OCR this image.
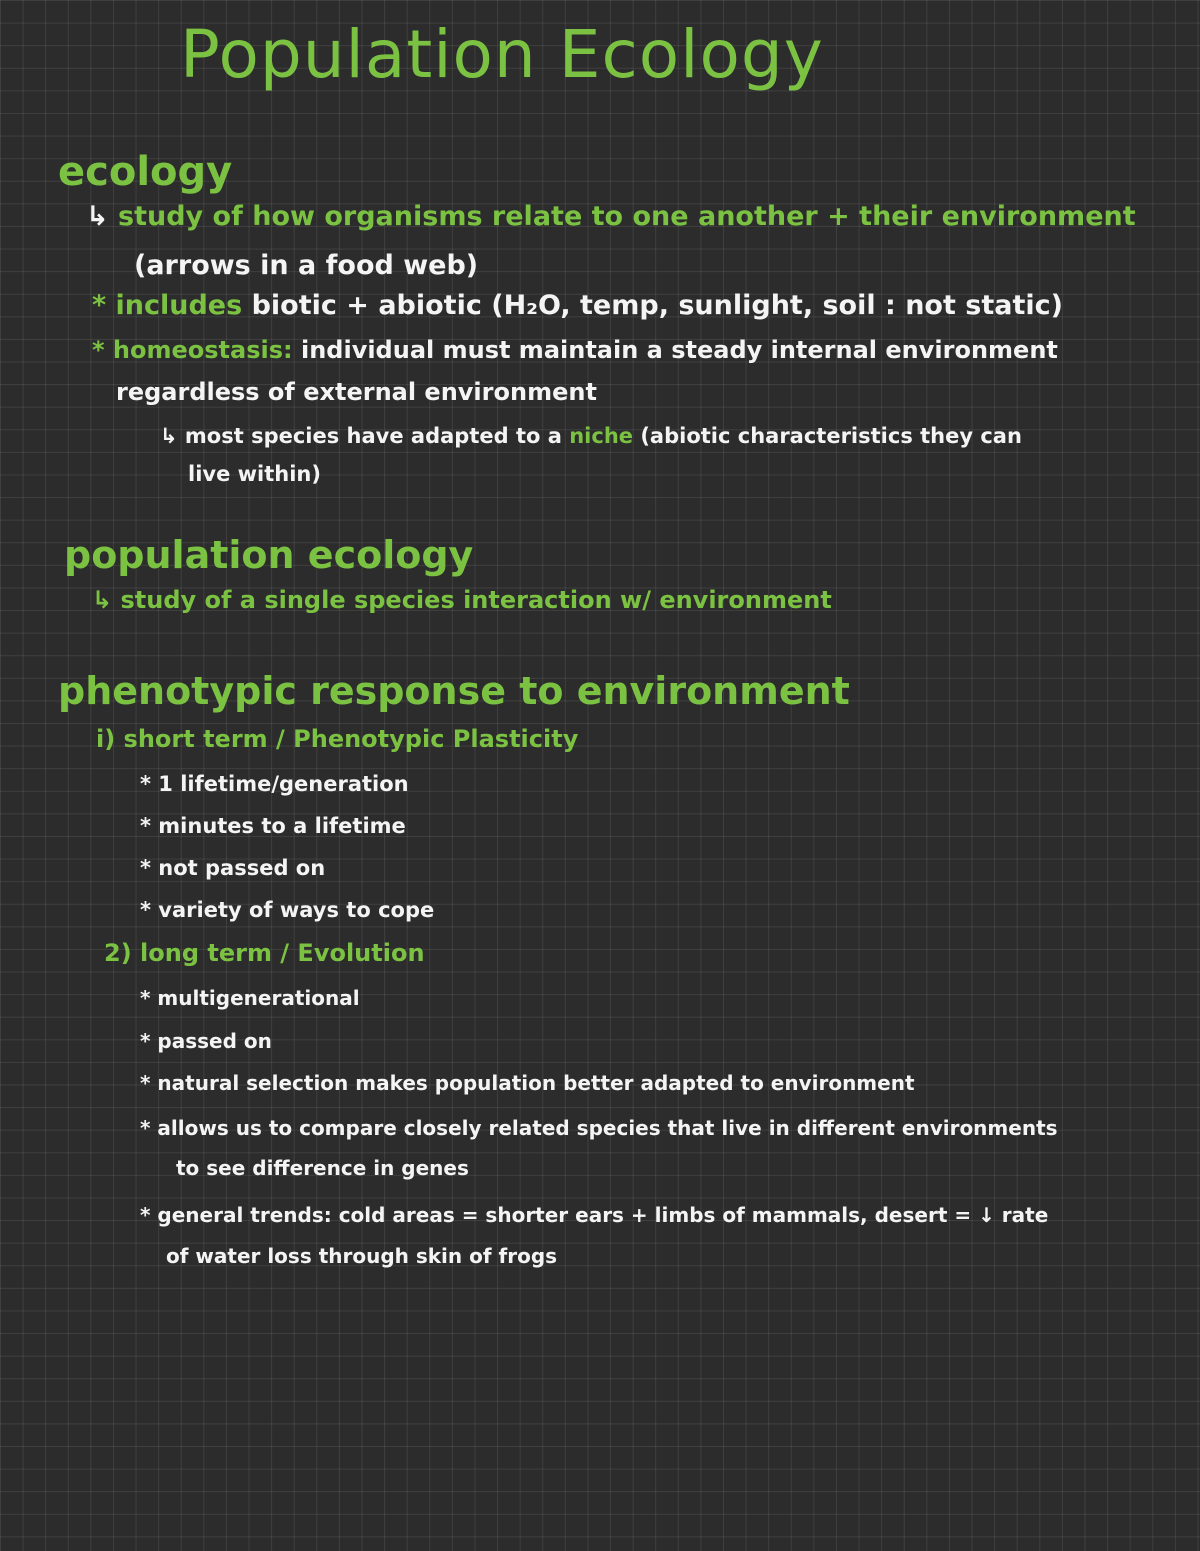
Population Ecology
ecology
↳ study of how organisms relate to one another + their environment
(arrows in a food web)
* includes biotic + abiotic (H₂O, temp, sunlight, soil : not static)
* homeostasis: individual must maintain a steady internal environment
regardless of external environment
↳ most species have adapted to a niche (abiotic characteristics they can
live within)
population ecology
↳ study of a single species interaction w/ environment
phenotypic response to environment
i) short term / Phenotypic Plasticity
* 1 lifetime/generation
* minutes to a lifetime
* not passed on
* variety of ways to cope
2) long term / Evolution
* multigenerational
* passed on
* natural selection makes population better adapted to environment
* allows us to compare closely related species that live in different environments
to see difference in genes
* general trends: cold areas = shorter ears + limbs of mammals, desert = ↓ rate
of water loss through skin of frogs
